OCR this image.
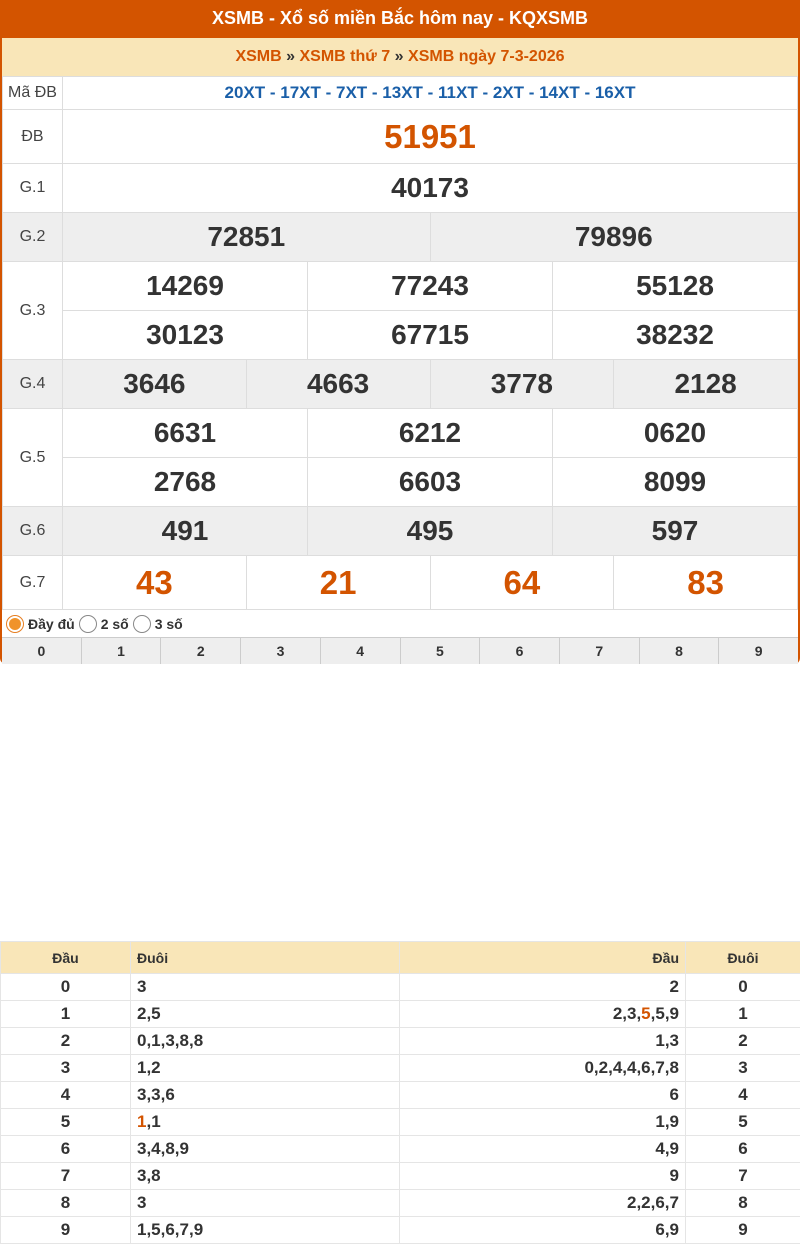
XSMB - Xổ số miền Bắc hôm nay - KQXSMB
XSMB » XSMB thứ 7 » XSMB ngày 7-3-2026
Mã ĐB	20XT - 17XT - 7XT - 13XT - 11XT - 2XT - 14XT - 16XT					
ĐB	51951					
G.1	40173					
G.2	72851			79896		
G.3	14269		77243		55128	
	30123		67715		38232	
G.4	3646	4663		3778		2128
G.5	6631		6212		0620	
	2768		6603		8099	
G.6	491		495		597	
G.7	43	21		64		83
Đầy đủ 2 số 3 số
0	1	2	3	4	5	6	7	8	9
Đầu	Đuôi	Đầu	Đuôi
0	3	2	0
1	2,5	2,3,5,5,9	1
2	0,1,3,8,8	1,3	2
3	1,2	0,2,4,4,6,7,8	3
4	3,3,6	6	4
5	1,1	1,9	5
6	3,4,8,9	4,9	6
7	3,8	9	7
8	3	2,2,6,7	8
9	1,5,6,7,9	6,9	9
